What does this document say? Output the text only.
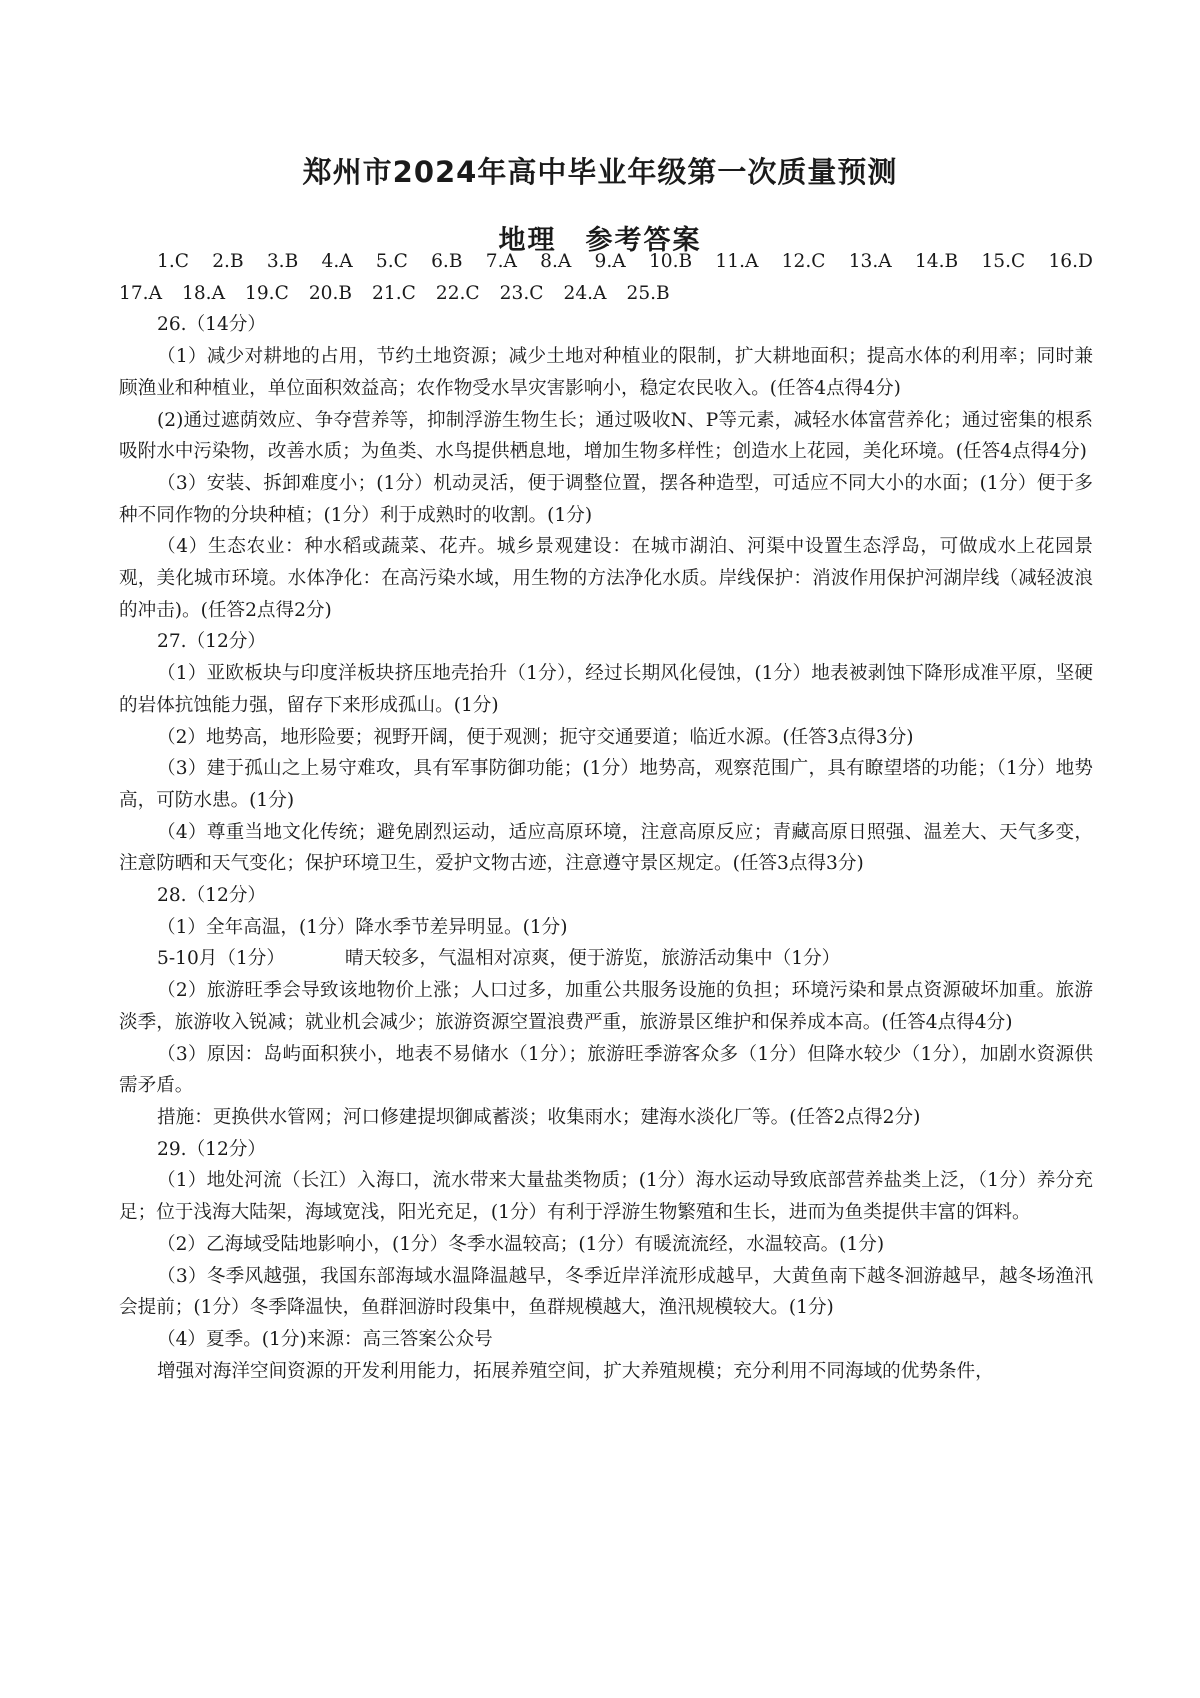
郑州市2024年高中毕业年级第一次质量预测
地理　参考答案
1.C 2.B 3.B 4.A 5.C 6.B 7.A 8.A 9.A 10.B 11.A 12.C 13.A 14.B 15.C 16.D
17.A 18.A 19.C 20.B 21.C 22.C 23.C 24.A 25.B
26.（14分）
（1）减少对耕地的占用，节约土地资源；减少土地对种植业的限制，扩大耕地面积；提高水体的利用率；同时兼顾渔业和种植业，单位面积效益高；农作物受水旱灾害影响小，稳定农民收入。(任答4点得4分)
(2)通过遮荫效应、争夺营养等，抑制浮游生物生长；通过吸收N、P等元素，减轻水体富营养化；通过密集的根系吸附水中污染物，改善水质；为鱼类、水鸟提供栖息地，增加生物多样性；创造水上花园，美化环境。(任答4点得4分)
（3）安装、拆卸难度小；(1分）机动灵活，便于调整位置，摆各种造型，可适应不同大小的水面；(1分）便于多种不同作物的分块种植；(1分）利于成熟时的收割。(1分)
（4）生态农业：种水稻或蔬菜、花卉。城乡景观建设：在城市湖泊、河渠中设置生态浮岛，可做成水上花园景观，美化城市环境。水体净化：在高污染水域，用生物的方法净化水质。岸线保护：消波作用保护河湖岸线（减轻波浪的冲击)。(任答2点得2分)
27.（12分）
（1）亚欧板块与印度洋板块挤压地壳抬升（1分），经过长期风化侵蚀，(1分）地表被剥蚀下降形成准平原，坚硬的岩体抗蚀能力强，留存下来形成孤山。(1分)
（2）地势高，地形险要；视野开阔，便于观测；扼守交通要道；临近水源。(任答3点得3分)
（3）建于孤山之上易守难攻，具有军事防御功能；(1分）地势高，观察范围广，具有瞭望塔的功能；（1分）地势高，可防水患。(1分)
（4）尊重当地文化传统；避免剧烈运动，适应高原环境，注意高原反应；青藏高原日照强、温差大、天气多变，注意防晒和天气变化；保护环境卫生，爱护文物古迹，注意遵守景区规定。(任答3点得3分)
28.（12分）
（1）全年高温，(1分）降水季节差异明显。(1分)
5-10月（1分）	晴天较多，气温相对凉爽，便于游览，旅游活动集中（1分）
（2）旅游旺季会导致该地物价上涨；人口过多，加重公共服务设施的负担；环境污染和景点资源破坏加重。旅游淡季，旅游收入锐减；就业机会减少；旅游资源空置浪费严重，旅游景区维护和保养成本高。(任答4点得4分)
（3）原因：岛屿面积狭小，地表不易储水（1分）；旅游旺季游客众多（1分）但降水较少（1分），加剧水资源供需矛盾。
措施：更换供水管网；河口修建提坝御咸蓄淡；收集雨水；建海水淡化厂等。(任答2点得2分)
29.（12分）
（1）地处河流（长江）入海口，流水带来大量盐类物质；(1分）海水运动导致底部营养盐类上泛，（1分）养分充足；位于浅海大陆架，海域宽浅，阳光充足，(1分）有利于浮游生物繁殖和生长，进而为鱼类提供丰富的饵料。
（2）乙海域受陆地影响小，(1分）冬季水温较高；(1分）有暖流流经，水温较高。(1分)
（3）冬季风越强，我国东部海域水温降温越早，冬季近岸洋流形成越早，大黄鱼南下越冬洄游越早，越冬场渔汛会提前；(1分）冬季降温快，鱼群洄游时段集中，鱼群规模越大，渔汛规模较大。(1分)
（4）夏季。(1分)来源：高三答案公众号
增强对海洋空间资源的开发利用能力，拓展养殖空间，扩大养殖规模；充分利用不同海域的优势条件，
